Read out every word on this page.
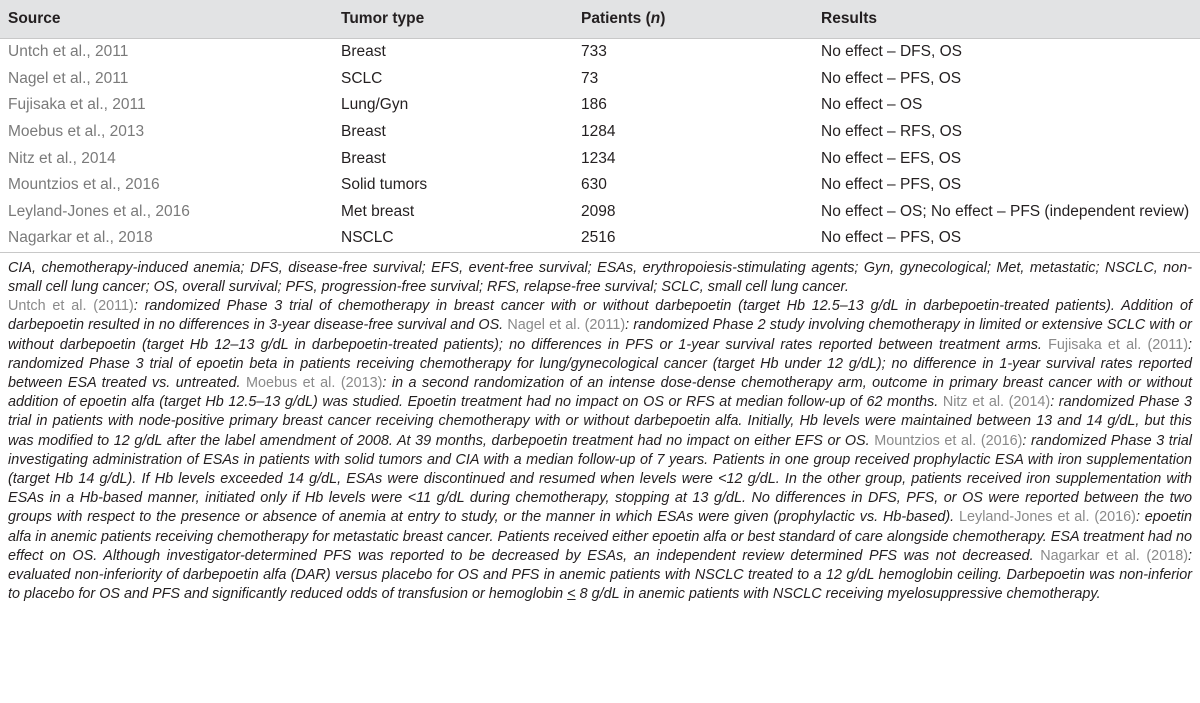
Source	Tumor type	Patients (n)	Results
Untch et al., 2011	Breast	733	No effect – DFS, OS
Nagel et al., 2011	SCLC	73	No effect – PFS, OS
Fujisaka et al., 2011	Lung/Gyn	186	No effect – OS
Moebus et al., 2013	Breast	1284	No effect – RFS, OS
Nitz et al., 2014	Breast	1234	No effect – EFS, OS
Mountzios et al., 2016	Solid tumors	630	No effect – PFS, OS
Leyland-Jones et al., 2016	Met breast	2098	No effect – OS; No effect – PFS (independent review)
Nagarkar et al., 2018	NSCLC	2516	No effect – PFS, OS

CIA, chemotherapy-induced anemia; DFS, disease-free survival; EFS, event-free survival; ESAs, erythropoiesis-stimulating agents; Gyn, gynecological; Met, metastatic; NSCLC, non-small cell lung cancer; OS, overall survival; PFS, progression-free survival; RFS, relapse-free survival; SCLC, small cell lung cancer.

Untch et al. (2011): randomized Phase 3 trial of chemotherapy in breast cancer with or without darbepoetin (target Hb 12.5–13 g/dL in darbepoetin-treated patients). Addition of darbepoetin resulted in no differences in 3-year disease-free survival and OS. Nagel et al. (2011): randomized Phase 2 study involving chemotherapy in limited or extensive SCLC with or without darbepoetin (target Hb 12–13 g/dL in darbepoetin-treated patients); no differences in PFS or 1-year survival rates reported between treatment arms. Fujisaka et al. (2011): randomized Phase 3 trial of epoetin beta in patients receiving chemotherapy for lung/gynecological cancer (target Hb under 12 g/dL); no difference in 1-year survival rates reported between ESA treated vs. untreated. Moebus et al. (2013): in a second randomization of an intense dose-dense chemotherapy arm, outcome in primary breast cancer with or without addition of epoetin alfa (target Hb 12.5–13 g/dL) was studied. Epoetin treatment had no impact on OS or RFS at median follow-up of 62 months. Nitz et al. (2014): randomized Phase 3 trial in patients with node-positive primary breast cancer receiving chemotherapy with or without darbepoetin alfa. Initially, Hb levels were maintained between 13 and 14 g/dL, but this was modified to 12 g/dL after the label amendment of 2008. At 39 months, darbepoetin treatment had no impact on either EFS or OS. Mountzios et al. (2016): randomized Phase 3 trial investigating administration of ESAs in patients with solid tumors and CIA with a median follow-up of 7 years. Patients in one group received prophylactic ESA with iron supplementation (target Hb 14 g/dL). If Hb levels exceeded 14 g/dL, ESAs were discontinued and resumed when levels were <12 g/dL. In the other group, patients received iron supplementation with ESAs in a Hb-based manner, initiated only if Hb levels were <11 g/dL during chemotherapy, stopping at 13 g/dL. No differences in DFS, PFS, or OS were reported between the two groups with respect to the presence or absence of anemia at entry to study, or the manner in which ESAs were given (prophylactic vs. Hb-based). Leyland-Jones et al. (2016): epoetin alfa in anemic patients receiving chemotherapy for metastatic breast cancer. Patients received either epoetin alfa or best standard of care alongside chemotherapy. ESA treatment had no effect on OS. Although investigator-determined PFS was reported to be decreased by ESAs, an independent review determined PFS was not decreased. Nagarkar et al. (2018): evaluated non-inferiority of darbepoetin alfa (DAR) versus placebo for OS and PFS in anemic patients with NSCLC treated to a 12 g/dL hemoglobin ceiling. Darbepoetin was non-inferior to placebo for OS and PFS and significantly reduced odds of transfusion or hemoglobin ≤ 8 g/dL in anemic patients with NSCLC receiving myelosuppressive chemotherapy.
